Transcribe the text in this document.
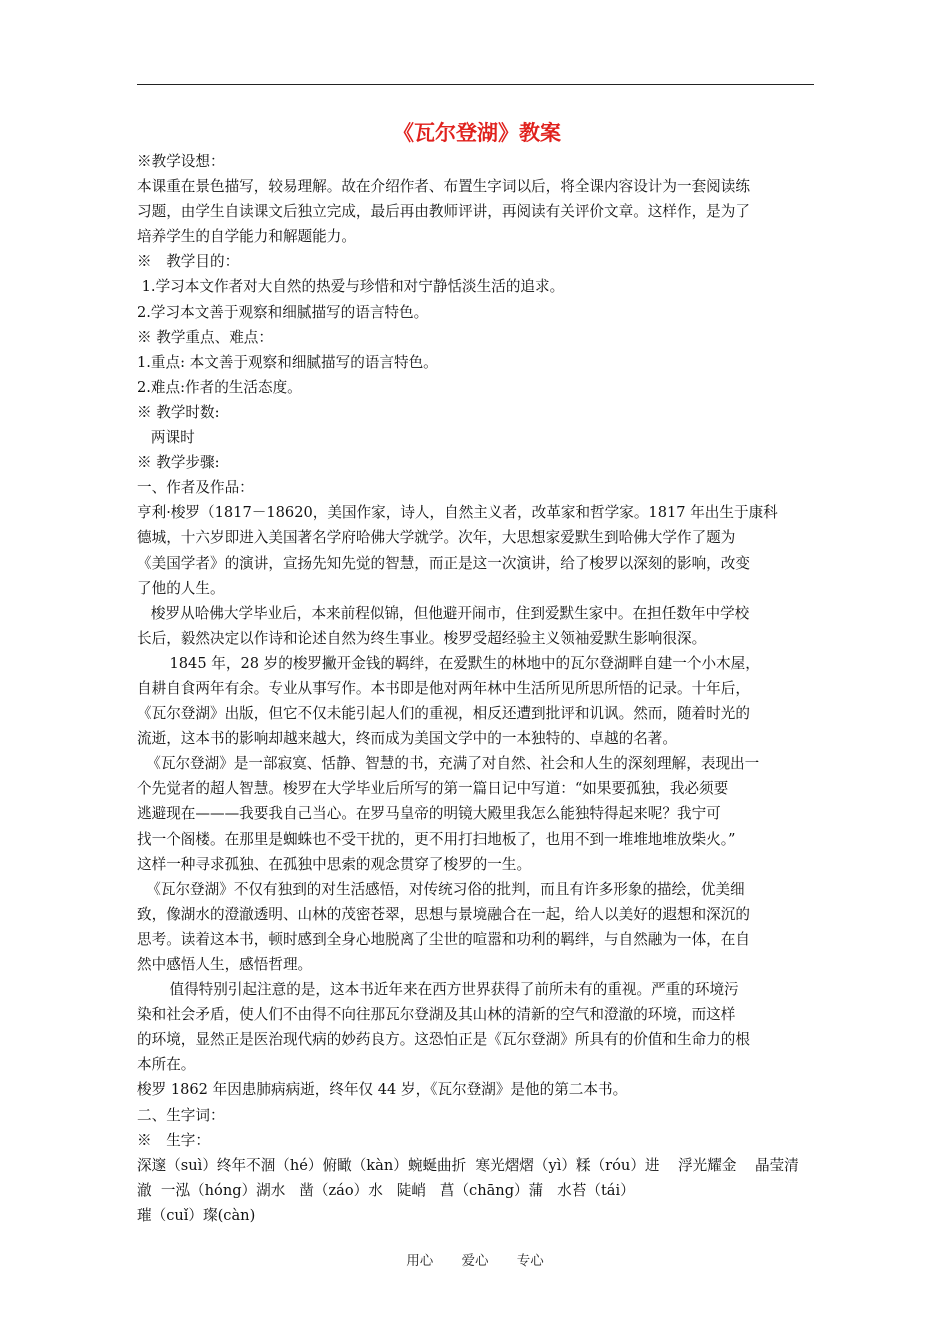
《瓦尔登湖》教案
※教学设想：
本课重在景色描写，较易理解。故在介绍作者、布置生字词以后，将全课内容设计为一套阅读练
习题，由学生自读课文后独立完成，最后再由教师评讲，再阅读有关评价文章。这样作，是为了
培养学生的自学能力和解题能力。
※　教学目的：
1.学习本文作者对大自然的热爱与珍惜和对宁静恬淡生活的追求。
2.学习本文善于观察和细腻描写的语言特色。
※ 教学重点、难点：
1.重点: 本文善于观察和细腻描写的语言特色。
2.难点:作者的生活态度。
※ 教学时数:
两课时
※ 教学步骤:
一、作者及作品：
亨利·梭罗（1817－18620，美国作家，诗人，自然主义者，改革家和哲学家。1817 年出生于康科
德城，十六岁即进入美国著名学府哈佛大学就学。次年，大思想家爱默生到哈佛大学作了题为
《美国学者》的演讲，宣扬先知先觉的智慧，而正是这一次演讲，给了梭罗以深刻的影响，改变
了他的人生。
梭罗从哈佛大学毕业后，本来前程似锦，但他避开闹市，住到爱默生家中。在担任数年中学校
长后，毅然决定以作诗和论述自然为终生事业。梭罗受超经验主义领袖爱默生影响很深。
1845 年，28 岁的梭罗撇开金钱的羁绊，在爱默生的林地中的瓦尔登湖畔自建一个小木屋，
自耕自食两年有余。专业从事写作。本书即是他对两年林中生活所见所思所悟的记录。十年后，
《瓦尔登湖》出版，但它不仅未能引起人们的重视，相反还遭到批评和讥讽。然而，随着时光的
流逝，这本书的影响却越来越大，终而成为美国文学中的一本独特的、卓越的名著。
《瓦尔登湖》是一部寂寞、恬静、智慧的书，充满了对自然、社会和人生的深刻理解，表现出一
个先觉者的超人智慧。梭罗在大学毕业后所写的第一篇日记中写道：“如果要孤独，我必须要
逃避现在———我要我自己当心。在罗马皇帝的明镜大殿里我怎么能独特得起来呢？我宁可
找一个阁楼。在那里是蜘蛛也不受干扰的，更不用打扫地板了，也用不到一堆堆地堆放柴火。”
这样一种寻求孤独、在孤独中思索的观念贯穿了梭罗的一生。
《瓦尔登湖》不仅有独到的对生活感悟，对传统习俗的批判，而且有许多形象的描绘，优美细
致，像湖水的澄澈透明、山林的茂密苍翠，思想与景境融合在一起，给人以美好的遐想和深沉的
思考。读着这本书，顿时感到全身心地脱离了尘世的喧嚣和功利的羁绊，与自然融为一体，在自
然中感悟人生，感悟哲理。
值得特别引起注意的是，这本书近年来在西方世界获得了前所未有的重视。严重的环境污
染和社会矛盾，使人们不由得不向往那瓦尔登湖及其山林的清新的空气和澄澈的环境，而这样
的环境，显然正是医治现代病的妙药良方。这恐怕正是《瓦尔登湖》所具有的价值和生命力的根
本所在。
梭罗 1862 年因患肺病病逝，终年仅 44 岁，《瓦尔登湖》是他的第二本书。
二、生字词：
※　生字：
深邃（suì）终年不涸（hé）俯瞰（kàn）蜿蜒曲折  寒光熠熠（yì）糅（róu）进    浮光耀金    晶莹清
澈  一泓（hóng）湖水   凿（záo）水   陡峭   菖（chāng）蒲   水苔（tái）
璀（cuǐ）璨(càn)
用心 爱心 专心
